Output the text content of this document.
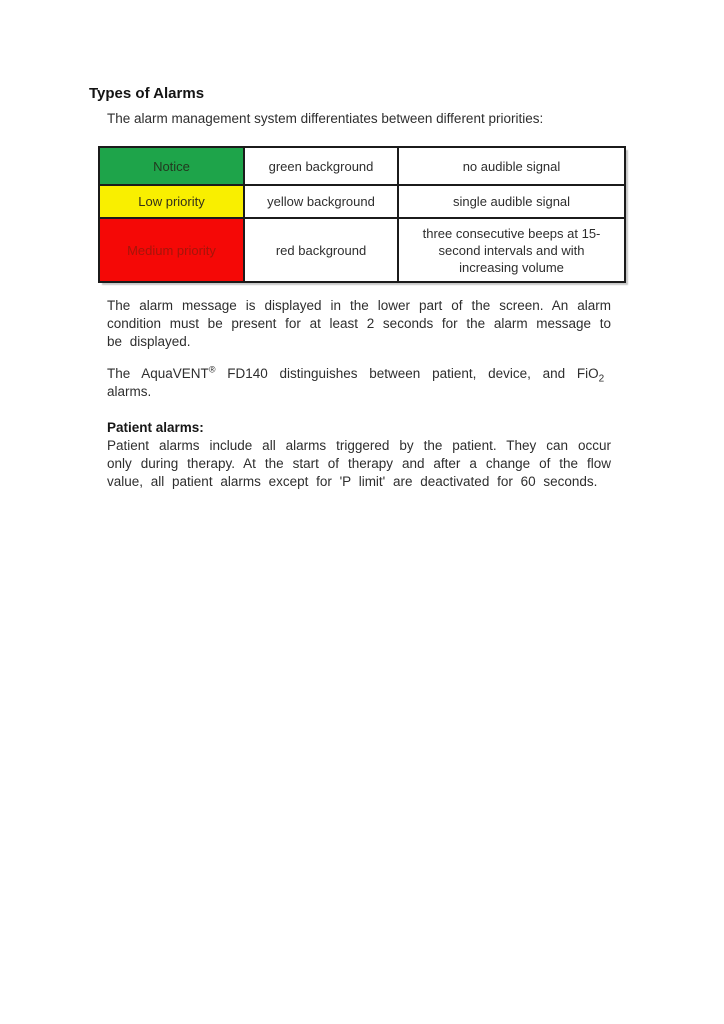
Types of Alarms

The alarm management system differentiates between different priorities:

Notice	green background	no audible signal
Low priority	yellow background	single audible signal
Medium priority	red background	three consecutive beeps at 15-second intervals and with increasing volume

The alarm message is displayed in the lower part of the screen. An alarm condition must be present for at least 2 seconds for the alarm message to be displayed.

The AquaVENT® FD140 distinguishes between patient, device, and FiO$_2$
alarms.

Patient alarms:

Patient alarms include all alarms triggered by the patient. They can occur only during therapy. At the start of therapy and after a change of the flow value, all patient alarms except for 'P limit' are deactivated for 60 seconds.
